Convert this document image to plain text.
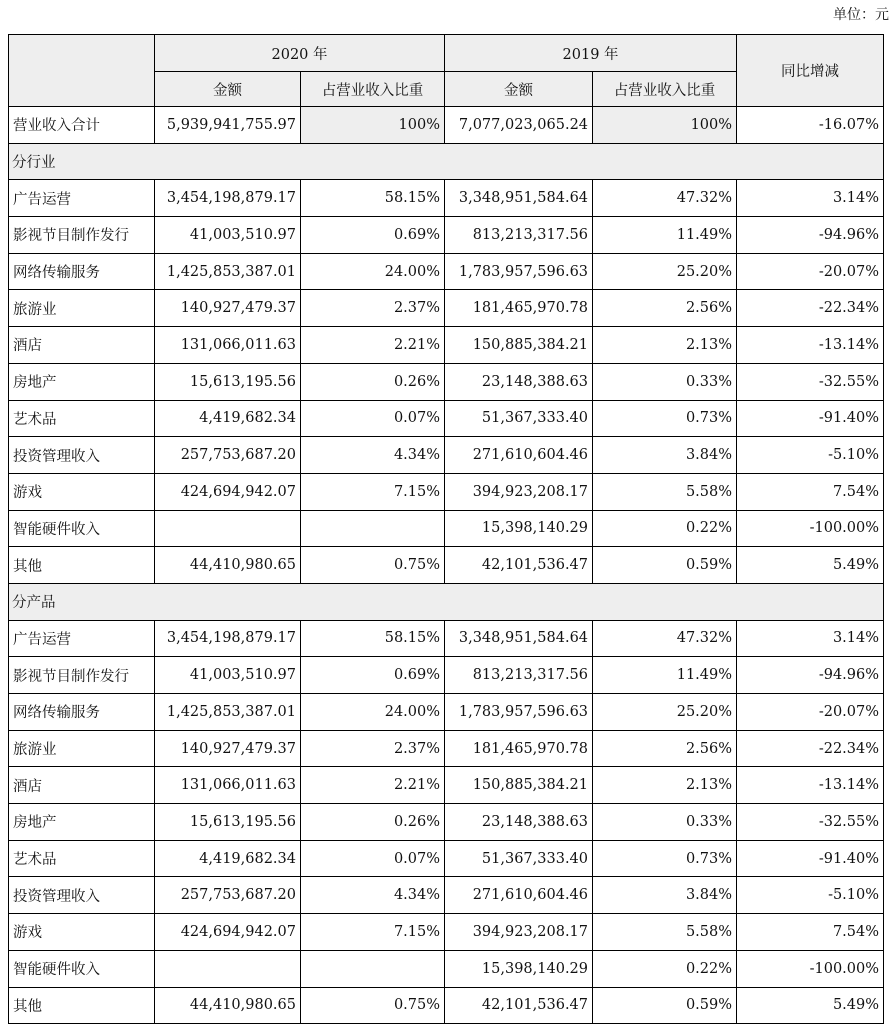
单位：元
	2020 年		2019 年		同比增减
	金额	占营业收入比重	金额	占营业收入比重	
营业收入合计	5,939,941,755.97	100%	7,077,023,065.24	100%	-16.07%
分行业					
广告运营	3,454,198,879.17	58.15%	3,348,951,584.64	47.32%	3.14%
影视节目制作发行	41,003,510.97	0.69%	813,213,317.56	11.49%	-94.96%
网络传输服务	1,425,853,387.01	24.00%	1,783,957,596.63	25.20%	-20.07%
旅游业	140,927,479.37	2.37%	181,465,970.78	2.56%	-22.34%
酒店	131,066,011.63	2.21%	150,885,384.21	2.13%	-13.14%
房地产	15,613,195.56	0.26%	23,148,388.63	0.33%	-32.55%
艺术品	4,419,682.34	0.07%	51,367,333.40	0.73%	-91.40%
投资管理收入	257,753,687.20	4.34%	271,610,604.46	3.84%	-5.10%
游戏	424,694,942.07	7.15%	394,923,208.17	5.58%	7.54%
智能硬件收入			15,398,140.29	0.22%	-100.00%
其他	44,410,980.65	0.75%	42,101,536.47	0.59%	5.49%
分产品					
广告运营	3,454,198,879.17	58.15%	3,348,951,584.64	47.32%	3.14%
影视节目制作发行	41,003,510.97	0.69%	813,213,317.56	11.49%	-94.96%
网络传输服务	1,425,853,387.01	24.00%	1,783,957,596.63	25.20%	-20.07%
旅游业	140,927,479.37	2.37%	181,465,970.78	2.56%	-22.34%
酒店	131,066,011.63	2.21%	150,885,384.21	2.13%	-13.14%
房地产	15,613,195.56	0.26%	23,148,388.63	0.33%	-32.55%
艺术品	4,419,682.34	0.07%	51,367,333.40	0.73%	-91.40%
投资管理收入	257,753,687.20	4.34%	271,610,604.46	3.84%	-5.10%
游戏	424,694,942.07	7.15%	394,923,208.17	5.58%	7.54%
智能硬件收入			15,398,140.29	0.22%	-100.00%
其他	44,410,980.65	0.75%	42,101,536.47	0.59%	5.49%
